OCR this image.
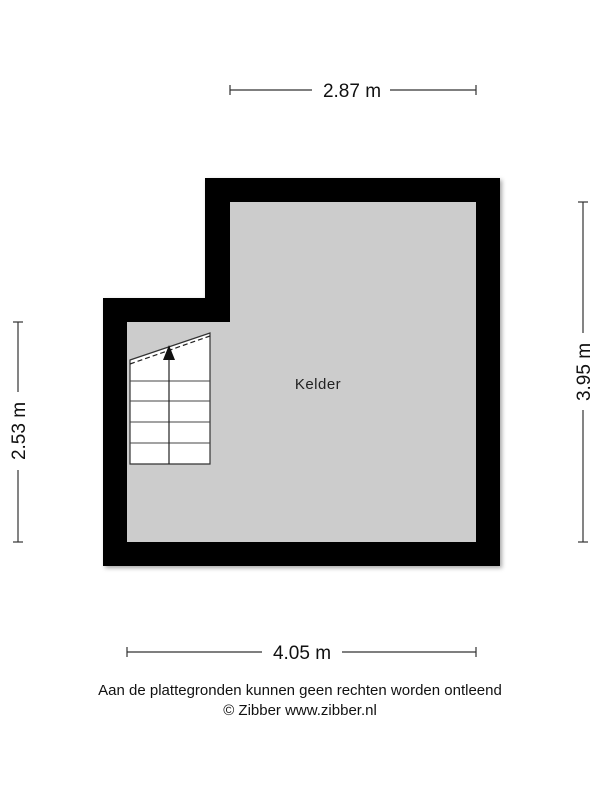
Kelder
2.87 m
4.05 m
2.53 m
3.95 m
Aan de plattegronden kunnen geen rechten worden ontleend
© Zibber www.zibber.nl
